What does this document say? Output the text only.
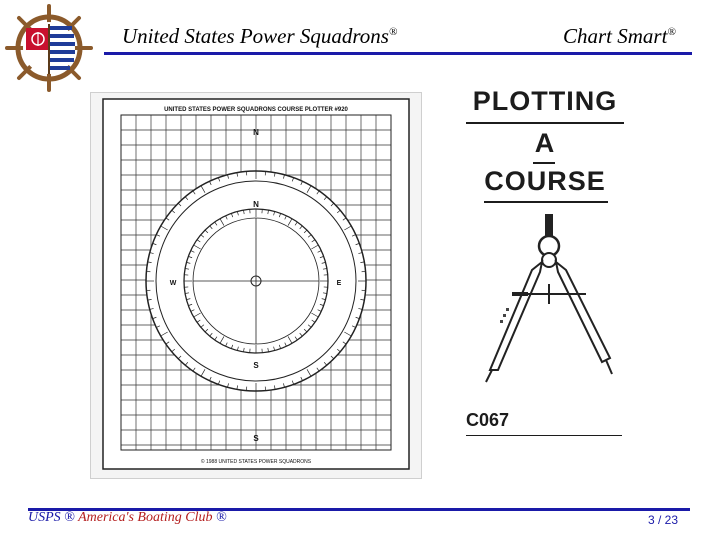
United States Power Squadrons®	Chart Smart®
UNITED STATES POWER SQUADRONS COURSE PLOTTER #920
N
N
S
S
E
W
© 1988 UNITED STATES POWER SQUADRONS
PLOTTING
A
COURSE
C067
USPS ® America's Boating Club ®	3 / 23
